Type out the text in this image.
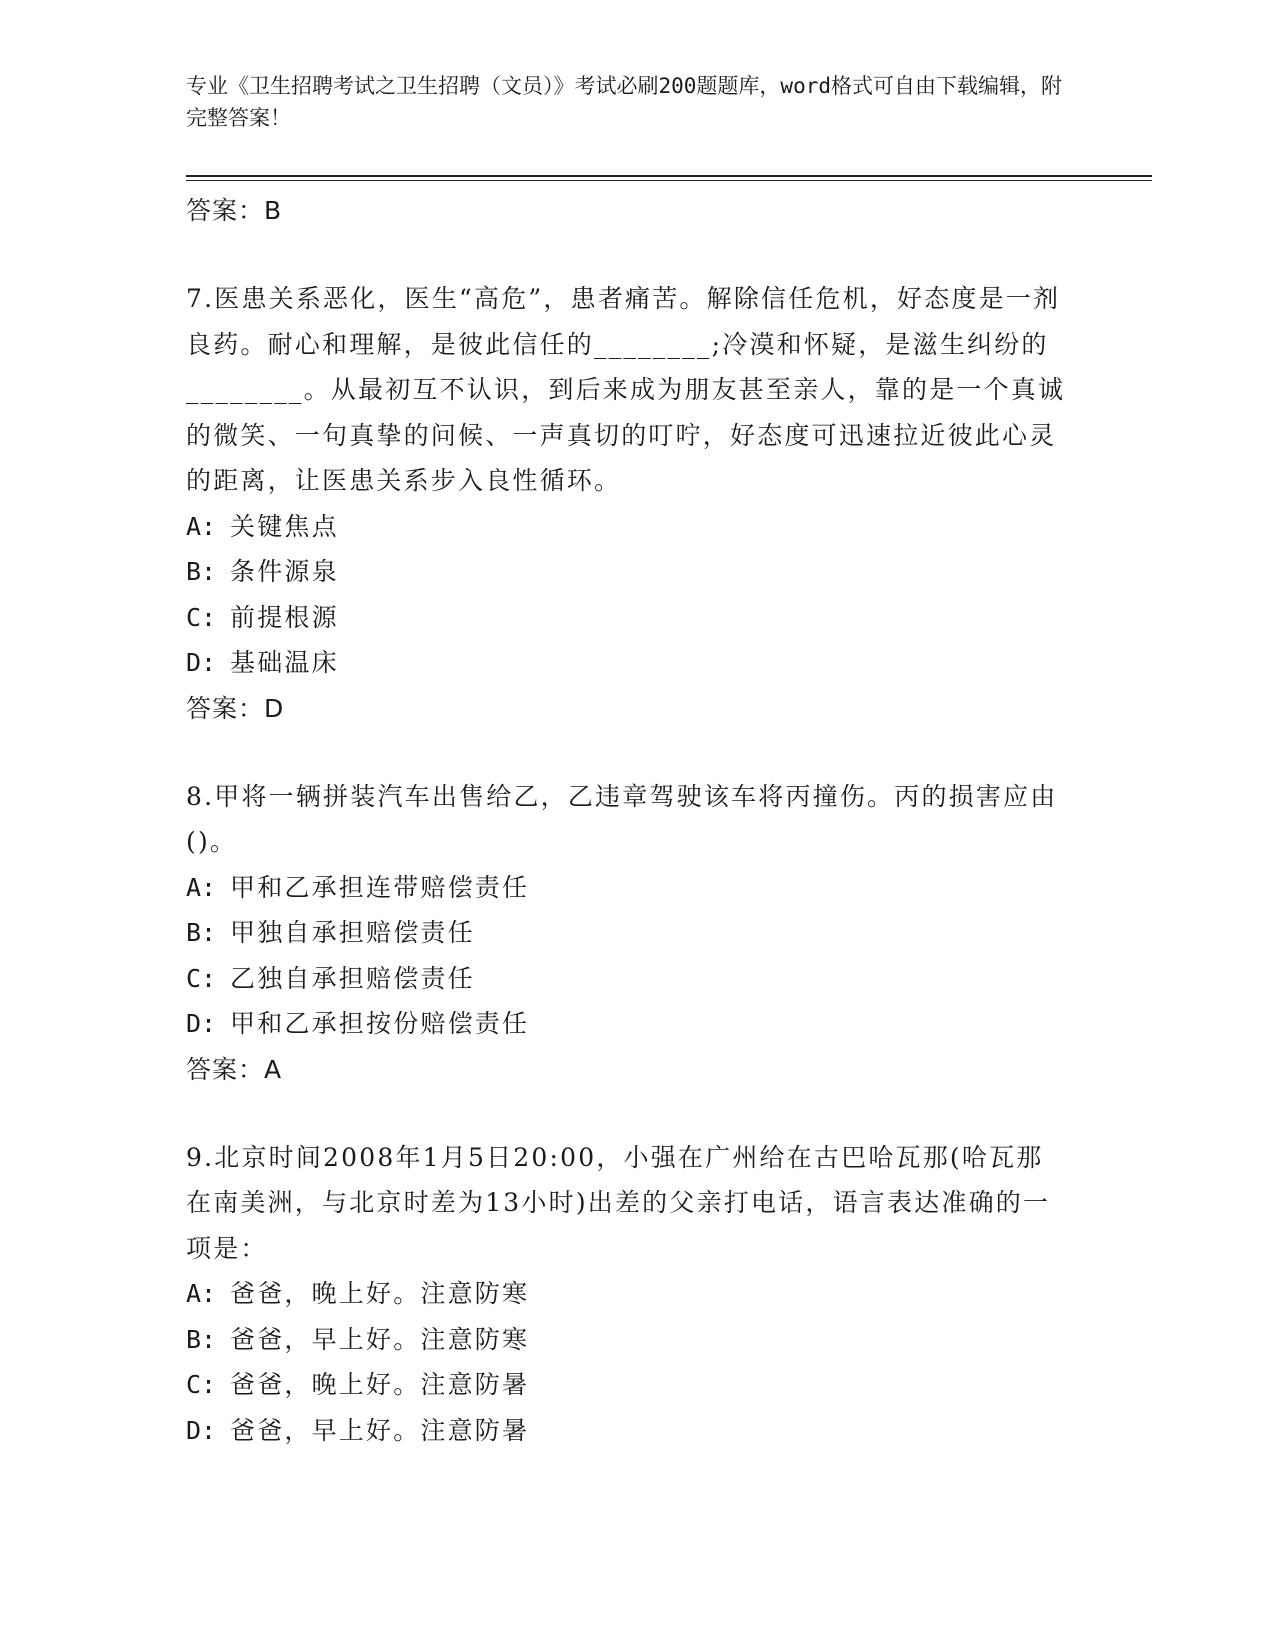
专业《卫生招聘考试之卫生招聘（文员）》考试必刷200题题库，word格式可自由下载编辑，附完整答案！
答案：B
7.医患关系恶化，医生“高危”，患者痛苦。解除信任危机，好态度是一剂良药。耐心和理解，是彼此信任的________;冷漠和怀疑，是滋生纠纷的________。从最初互不认识，到后来成为朋友甚至亲人，靠的是一个真诚的微笑、一句真挚的问候、一声真切的叮咛，好态度可迅速拉近彼此心灵的距离，让医患关系步入良性循环。
A: 关键焦点
B: 条件源泉
C: 前提根源
D: 基础温床
答案：D
8.甲将一辆拼装汽车出售给乙，乙违章驾驶该车将丙撞伤。丙的损害应由()。
A: 甲和乙承担连带赔偿责任
B: 甲独自承担赔偿责任
C: 乙独自承担赔偿责任
D: 甲和乙承担按份赔偿责任
答案：A
9.北京时间2008年1月5日20:00，小强在广州给在古巴哈瓦那(哈瓦那在南美洲，与北京时差为13小时)出差的父亲打电话，语言表达准确的一项是：
A: 爸爸，晚上好。注意防寒
B: 爸爸，早上好。注意防寒
C: 爸爸，晚上好。注意防暑
D: 爸爸，早上好。注意防暑
